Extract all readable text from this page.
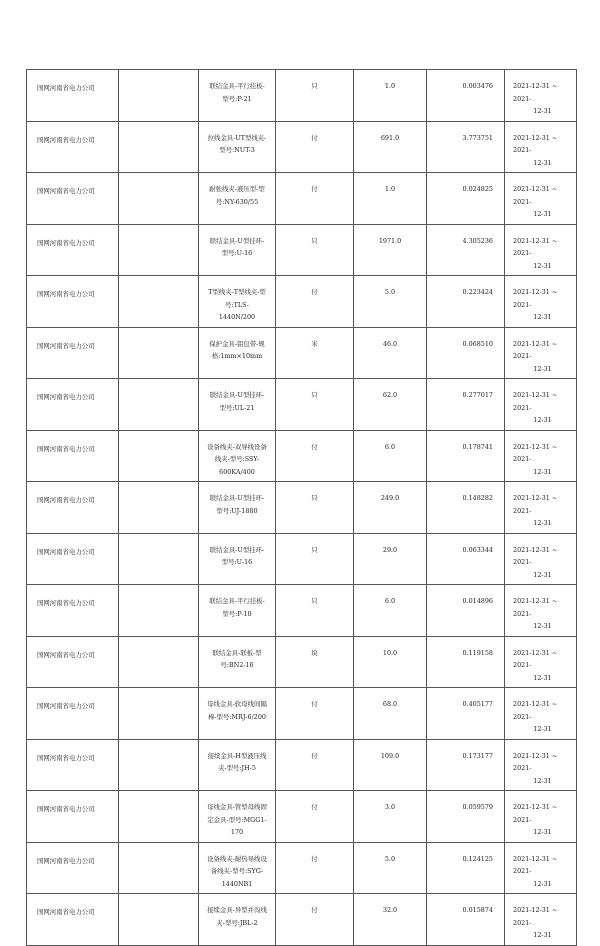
国网河南省电力公司		联结金具-平行挂板-型号:P-21	只	1.0	0.003476	2021-12-31 ~ 2021-
12-31

国网河南省电力公司		拉线金具-UT型线夹-型号:NUT-3	付	691.0	3.773751	2021-12-31 ~ 2021-
12-31

国网河南省电力公司		耐张线夹-液压型-型号:NY-630/55	付	1.0	0.024825	2021-12-31 ~ 2021-
12-31

国网河南省电力公司		联结金具-U型挂环-型号:U-16	只	1971.0	4.305236	2021-12-31 ~ 2021-
12-31

国网河南省电力公司		T型线夹-T型线夹-型号:TLS-1440N/200	付	5.0	0.223424	2021-12-31 ~ 2021-
12-31

国网河南省电力公司		保护金具-铝包带-规格:1mm×10mm	米	46.0	0.068510	2021-12-31 ~ 2021-
12-31

国网河南省电力公司		联结金具-U型挂环-型号:UL-21	只	62.0	0.277017	2021-12-31 ~ 2021-
12-31

国网河南省电力公司		设备线夹-双导线设备线夹-型号:SSY-600KA/400	付	6.0	0.178741	2021-12-31 ~ 2021-
12-31

国网河南省电力公司		联结金具-U型挂环-型号:UJ-1880	只	249.0	0.148282	2021-12-31 ~ 2021-
12-31

国网河南省电力公司		联结金具-U型挂环-型号:U-16	只	29.0	0.063344	2021-12-31 ~ 2021-
12-31

国网河南省电力公司		联结金具-平行挂板-型号:P-10	只	6.0	0.014896	2021-12-31 ~ 2021-
12-31

国网河南省电力公司		联结金具-联板-型号:BN2-16	块	10.0	0.119158	2021-12-31 ~ 2021-
12-31

国网河南省电力公司		母线金具-软母线间隔棒-型号:MRJ-6/200	付	68.0	0.405177	2021-12-31 ~ 2021-
12-31

国网河南省电力公司		接续金具-H型液压线夹-型号:JH-5	付	109.0	0.173177	2021-12-31 ~ 2021-
12-31

国网河南省电力公司		母线金具-管型母线固定金具-型号:MGG1-170	付	3.0	0.059579	2021-12-31 ~ 2021-
12-31

国网河南省电力公司		设备线夹-耐热导线设备线夹-型号:SYG-1440NB1	付	5.0	0.124125	2021-12-31 ~ 2021-
12-31

国网河南省电力公司		接续金具-异型并沟线夹-型号:JBL-2	付	32.0	0.015874	2021-12-31 ~ 2021-
12-31
